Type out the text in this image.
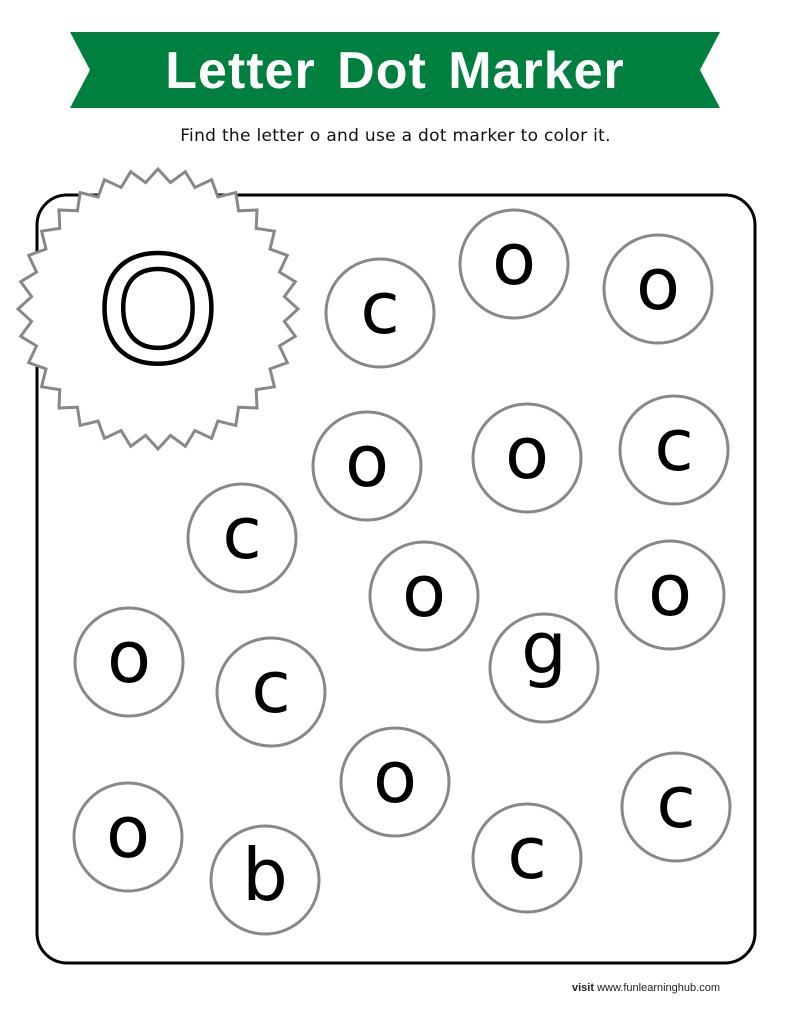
Letter Dot Marker
Find the letter o and use a dot marker to color it.
O c
o o
o o c
c
o	o
o c	g
o
o
b	c
c
visit www.funlearninghub.com
